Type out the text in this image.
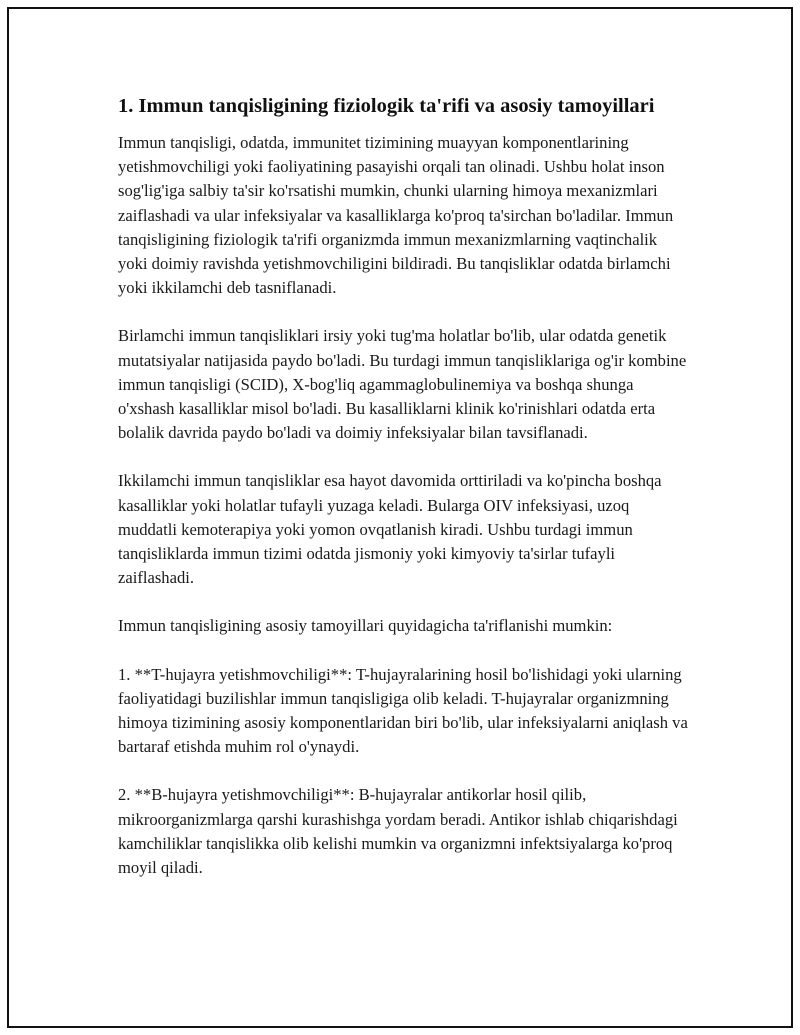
1. Immun tanqisligining fiziologik ta'rifi va asosiy tamoyillari

Immun tanqisligi, odatda, immunitet tizimining muayyan komponentlarining yetishmovchiligi yoki faoliyatining pasayishi orqali tan olinadi. Ushbu holat inson sog'lig'iga salbiy ta'sir ko'rsatishi mumkin, chunki ularning himoya mexanizmlari zaiflashadi va ular infeksiyalar va kasalliklarga ko'proq ta'sirchan bo'ladilar. Immun tanqisligining fiziologik ta'rifi organizmda immun mexanizmlarning vaqtinchalik yoki doimiy ravishda yetishmovchiligini bildiradi. Bu tanqisliklar odatda birlamchi yoki ikkilamchi deb tasniflanadi.

Birlamchi immun tanqisliklari irsiy yoki tug'ma holatlar bo'lib, ular odatda genetik mutatsiyalar natijasida paydo bo'ladi. Bu turdagi immun tanqisliklariga og'ir kombine immun tanqisligi (SCID), X-bog'liq agammaglobulinemiya va boshqa shunga o'xshash kasalliklar misol bo'ladi. Bu kasalliklarni klinik ko'rinishlari odatda erta bolalik davrida paydo bo'ladi va doimiy infeksiyalar bilan tavsiflanadi.

Ikkilamchi immun tanqisliklar esa hayot davomida orttiriladi va ko'pincha boshqa kasalliklar yoki holatlar tufayli yuzaga keladi. Bularga OIV infeksiyasi, uzoq muddatli kemoterapiya yoki yomon ovqatlanish kiradi. Ushbu turdagi immun tanqisliklarda immun tizimi odatda jismoniy yoki kimyoviy ta'sirlar tufayli zaiflashadi.

Immun tanqisligining asosiy tamoyillari quyidagicha ta'riflanishi mumkin:

1. **T-hujayra yetishmovchiligi**: T-hujayralarining hosil bo'lishidagi yoki ularning faoliyatidagi buzilishlar immun tanqisligiga olib keladi. T-hujayralar organizmning himoya tizimining asosiy komponentlaridan biri bo'lib, ular infeksiyalarni aniqlash va bartaraf etishda muhim rol o'ynaydi.

2. **B-hujayra yetishmovchiligi**: B-hujayralar antikorlar hosil qilib, mikroorganizmlarga qarshi kurashishga yordam beradi. Antikor ishlab chiqarishdagi kamchiliklar tanqislikka olib kelishi mumkin va organizmni infektsiyalarga ko'proq moyil qiladi.
